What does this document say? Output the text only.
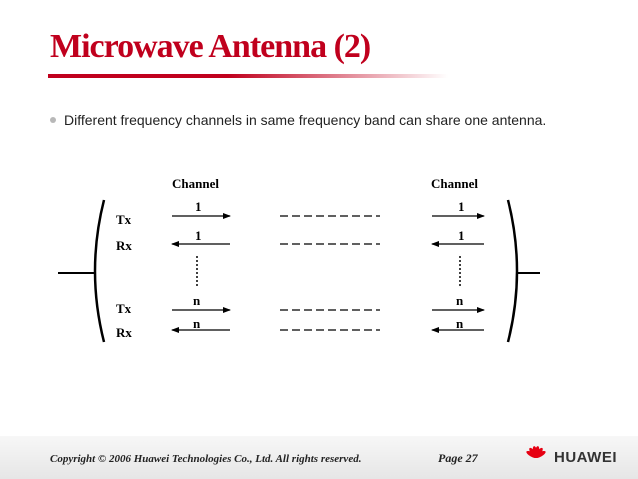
Microwave Antenna (2)
Different frequency channels in same frequency band can share one antenna.
Channel	Channel
Tx
Rx
Tx
Rx
1
1
n
n
1
1
n
n
Copyright © 2006 Huawei Technologies Co., Ltd. All rights reserved.	Page 27	HUAWEI
